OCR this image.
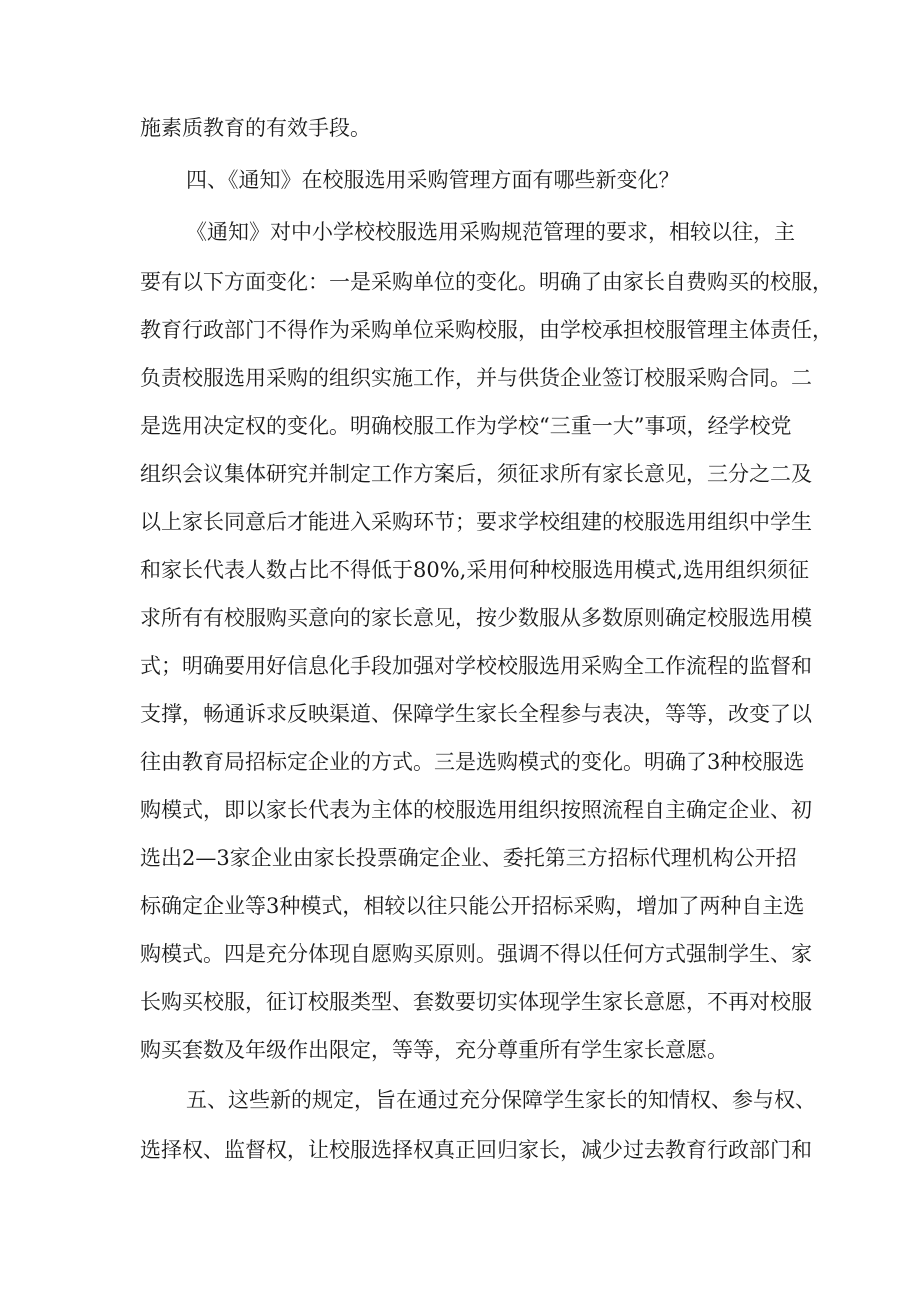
施素质教育的有效手段。
四、《通知》在校服选用采购管理方面有哪些新变化？
《通知》对中小学校校服选用采购规范管理的要求，相较以往，主
要有以下方面变化：一是采购单位的变化。明确了由家长自费购买的校服，
教育行政部门不得作为采购单位采购校服，由学校承担校服管理主体责任，
负责校服选用采购的组织实施工作，并与供货企业签订校服采购合同。二
是选用决定权的变化。明确校服工作为学校“三重一大”事项，经学校党
组织会议集体研究并制定工作方案后，须征求所有家长意见，三分之二及
以上家长同意后才能进入采购环节；要求学校组建的校服选用组织中学生
和家长代表人数占比不得低于80%,采用何种校服选用模式,选用组织须征
求所有有校服购买意向的家长意见，按少数服从多数原则确定校服选用模
式；明确要用好信息化手段加强对学校校服选用采购全工作流程的监督和
支撑，畅通诉求反映渠道、保障学生家长全程参与表决，等等，改变了以
往由教育局招标定企业的方式。三是选购模式的变化。明确了3种校服选
购模式，即以家长代表为主体的校服选用组织按照流程自主确定企业、初
选出2—3家企业由家长投票确定企业、委托第三方招标代理机构公开招
标确定企业等3种模式，相较以往只能公开招标采购，增加了两种自主选
购模式。四是充分体现自愿购买原则。强调不得以任何方式强制学生、家
长购买校服，征订校服类型、套数要切实体现学生家长意愿，不再对校服
购买套数及年级作出限定，等等，充分尊重所有学生家长意愿。
五、这些新的规定，旨在通过充分保障学生家长的知情权、参与权、
选择权、监督权，让校服选择权真正回归家长，减少过去教育行政部门和
